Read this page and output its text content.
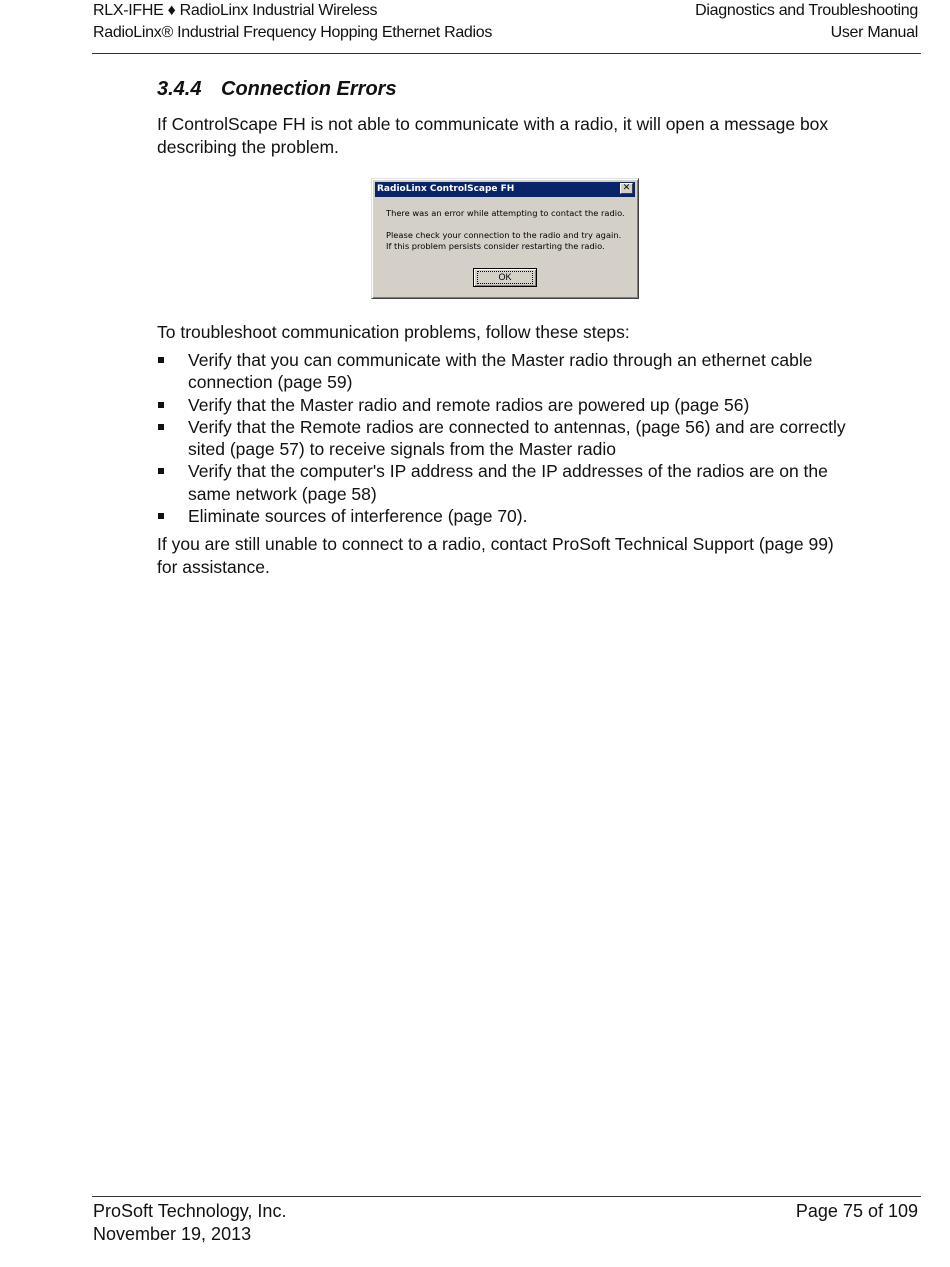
RLX-IFHE ♦ RadioLinx Industrial Wireless
RadioLinx® Industrial Frequency Hopping Ethernet Radios
Diagnostics and Troubleshooting
User Manual
3.4.4 Connection Errors

If ControlScape FH is not able to communicate with a radio, it will open a message box describing the problem.

RadioLinx ControlScape FH	✕
There was an error while attempting to contact the radio.
Please check your connection to the radio and try again.
If this problem persists consider restarting the radio.
OK

To troubleshoot communication problems, follow these steps:

Verify that you can communicate with the Master radio through an ethernet cable connection (page 59)
Verify that the Master radio and remote radios are powered up (page 56)
Verify that the Remote radios are connected to antennas, (page 56) and are correctly sited (page 57) to receive signals from the Master radio
Verify that the computer's IP address and the IP addresses of the radios are on the same network (page 58)
Eliminate sources of interference (page 70).

If you are still unable to connect to a radio, contact ProSoft Technical Support (page 99) for assistance.

ProSoft Technology, Inc.
November 19, 2013
Page 75 of 109
